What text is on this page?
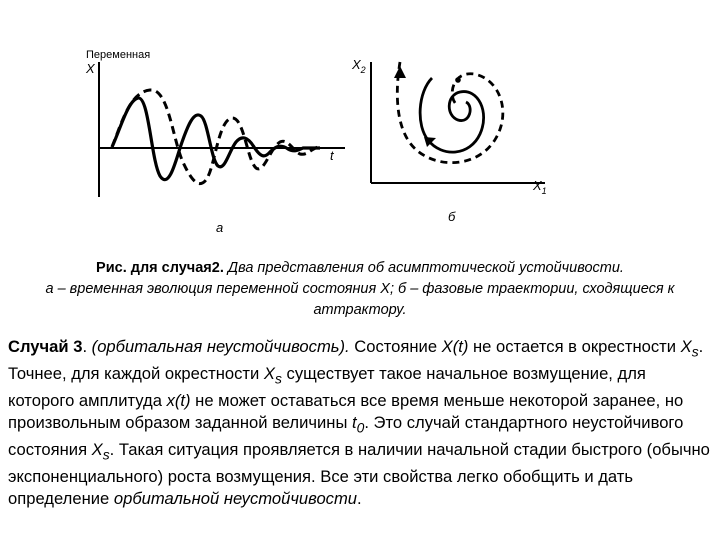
Переменная
X
t
а
$X_2$
$X_1$
б
Рис. для случая2. Два представления об асимптотической устойчивости.
а – временная эволюция переменной состояния X; б – фазовые траектории, сходящиеся к
аттрактору.
Случай 3. (орбитальная неустойчивость). Состояние X(t) не остается в окрестности $X_s$. Точнее, для каждой окрестности $X_s$ существует такое начальное возмущение, для которого амплитуда x(t) не может оставаться все время меньше некоторой заранее, но произвольным образом заданной величины $t_0$. Это случай стандартного неустойчивого состояния $X_s$. Такая ситуация проявляется в наличии начальной стадии быстрого (обычно экспоненциального) роста возмущения. Все эти свойства легко обобщить и дать определение орбитальной неустойчивости.
